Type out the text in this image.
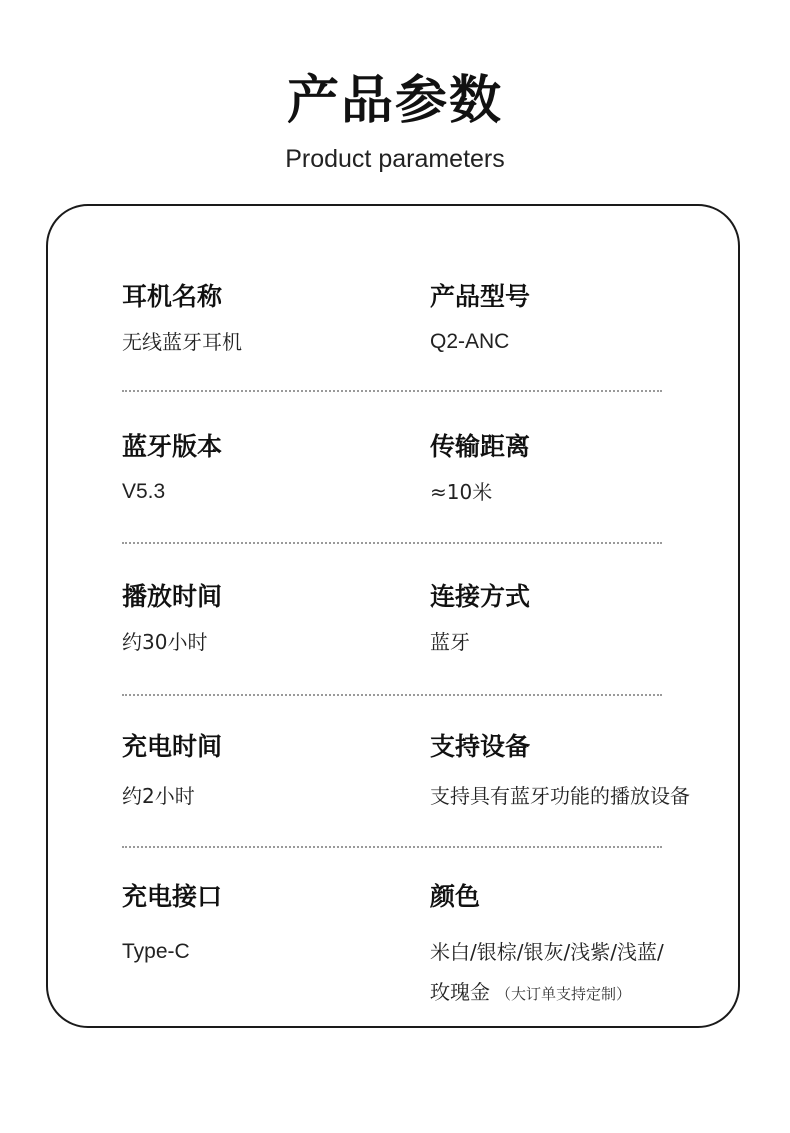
产品参数
Product parameters
耳机名称
无线蓝牙耳机
产品型号
Q2-ANC
蓝牙版本
V5.3
传输距离
≈10米
播放时间
约30小时
连接方式
蓝牙
充电时间
约2小时
支持设备
支持具有蓝牙功能的播放设备
充电接口
Type-C
颜色
米白/银棕/银灰/浅紫/浅蓝/
玫瑰金 （大订单支持定制）
